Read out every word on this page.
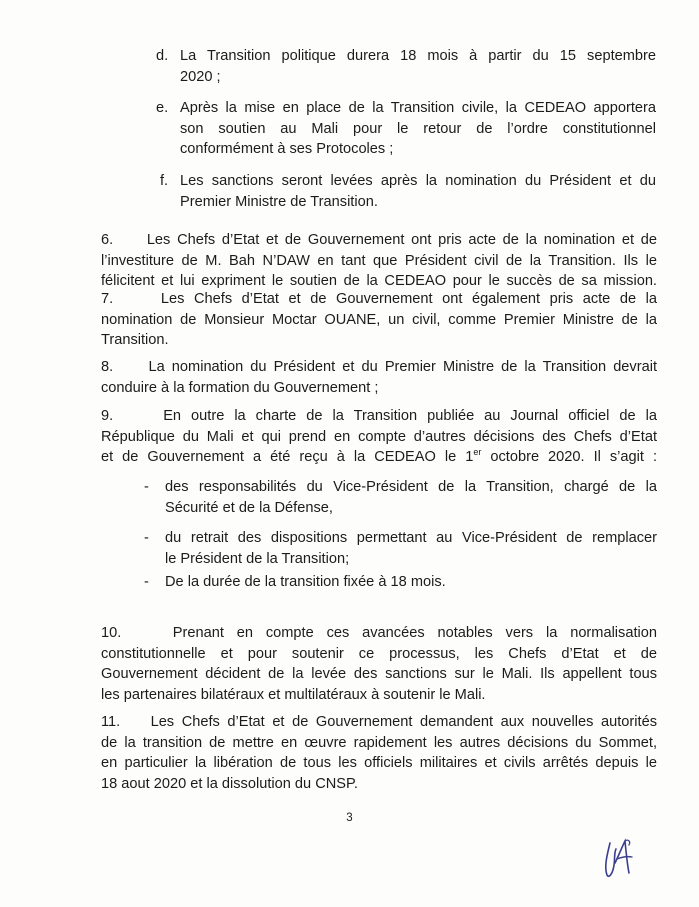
d. La Transition politique durera 18 mois à partir du 15 septembre
2020 ;
e. Après la mise en place de la Transition civile, la CEDEAO apportera
son soutien au Mali pour le retour de l’ordre constitutionnel
conformément à ses Protocoles ;
f. Les sanctions seront levées après la nomination du Président et du
Premier Ministre de Transition.
6.     Les Chefs d’Etat et de Gouvernement ont pris acte de la nomination et de
l’investiture de M. Bah N’DAW en tant que Président civil de la Transition. Ils le
félicitent et lui expriment le soutien de la CEDEAO pour le succès de sa mission.
7.     Les Chefs d’Etat et de Gouvernement ont également pris acte de la
nomination de Monsieur Moctar OUANE, un civil, comme Premier Ministre de la
Transition.
8.     La nomination du Président et du Premier Ministre de la Transition devrait
conduire à la formation du Gouvernement ;
9.     En outre la charte de la Transition publiée au Journal officiel de la
République du Mali et qui prend en compte d’autres décisions des Chefs d’Etat
et de Gouvernement a été reçu à la CEDEAO le 1er octobre 2020. Il s’agit :
- des responsabilités du Vice-Président de la Transition, chargé de la
Sécurité et de la Défense,
- du retrait des dispositions permettant au Vice-Président de remplacer
le Président de la Transition;
- De la durée de la transition fixée à 18 mois.
10.    Prenant en compte ces avancées notables vers la normalisation
constitutionnelle et pour soutenir ce processus, les Chefs d’Etat et de
Gouvernement décident de la levée des sanctions sur le Mali. Ils appellent tous
les partenaires bilatéraux et multilatéraux à soutenir le Mali.
11.    Les Chefs d’Etat et de Gouvernement demandent aux nouvelles autorités
de la transition de mettre en œuvre rapidement les autres décisions du Sommet,
en particulier la libération de tous les officiels militaires et civils arrêtés depuis le
18 aout 2020 et la dissolution du CNSP.
3
